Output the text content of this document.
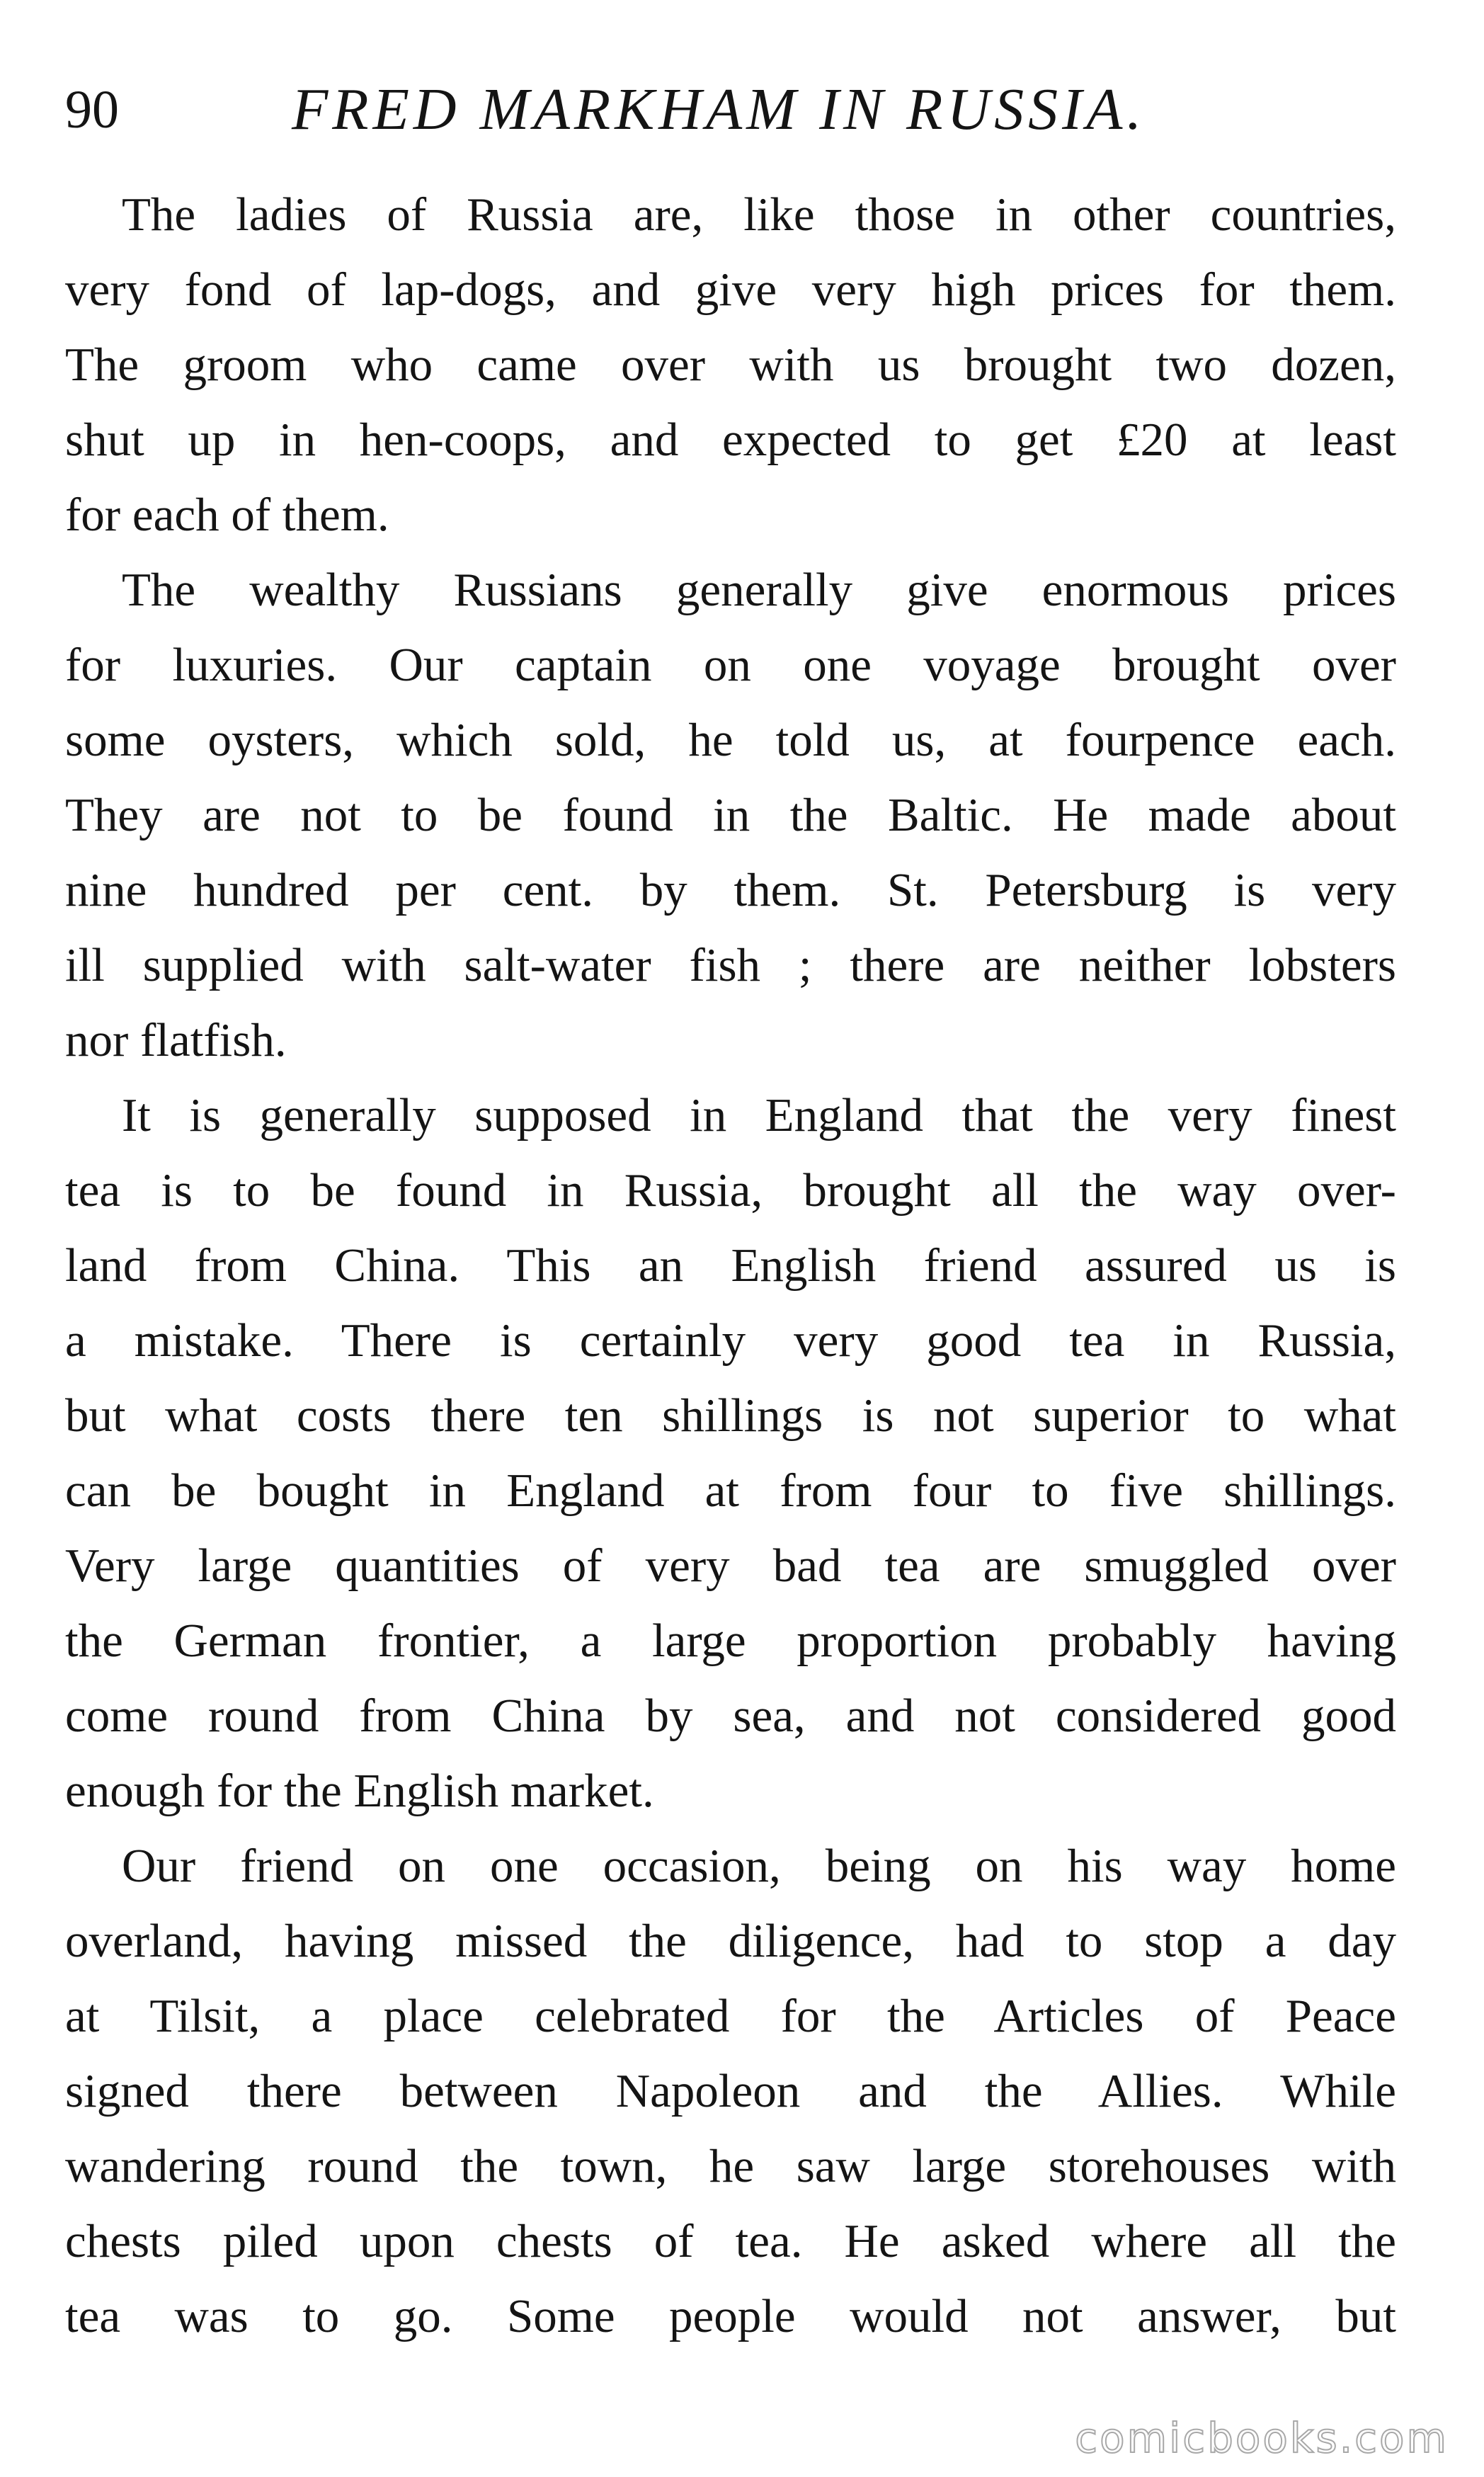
90	FRED MARKHAM IN RUSSIA.
The ladies of Russia are, like those in other countries,
very fond of lap-dogs, and give very high prices for them.
The groom who came over with us brought two dozen,
shut up in hen-coops, and expected to get £20 at least
for each of them.
The wealthy Russians generally give enormous prices
for luxuries. Our captain on one voyage brought over
some oysters, which sold, he told us, at fourpence each.
They are not to be found in the Baltic. He made about
nine hundred per cent. by them. St. Petersburg is very
ill supplied with salt-water fish ; there are neither lobsters
nor flatfish.
It is generally supposed in England that the very finest
tea is to be found in Russia, brought all the way over-
land from China. This an English friend assured us is
a mistake. There is certainly very good tea in Russia,
but what costs there ten shillings is not superior to what
can be bought in England at from four to five shillings.
Very large quantities of very bad tea are smuggled over
the German frontier, a large proportion probably having
come round from China by sea, and not considered good
enough for the English market.
Our friend on one occasion, being on his way home
overland, having missed the diligence, had to stop a day
at Tilsit, a place celebrated for the Articles of Peace
signed there between Napoleon and the Allies. While
wandering round the town, he saw large storehouses with
chests piled upon chests of tea. He asked where all the
tea was to go. Some people would not answer, but
comicbooks.com
